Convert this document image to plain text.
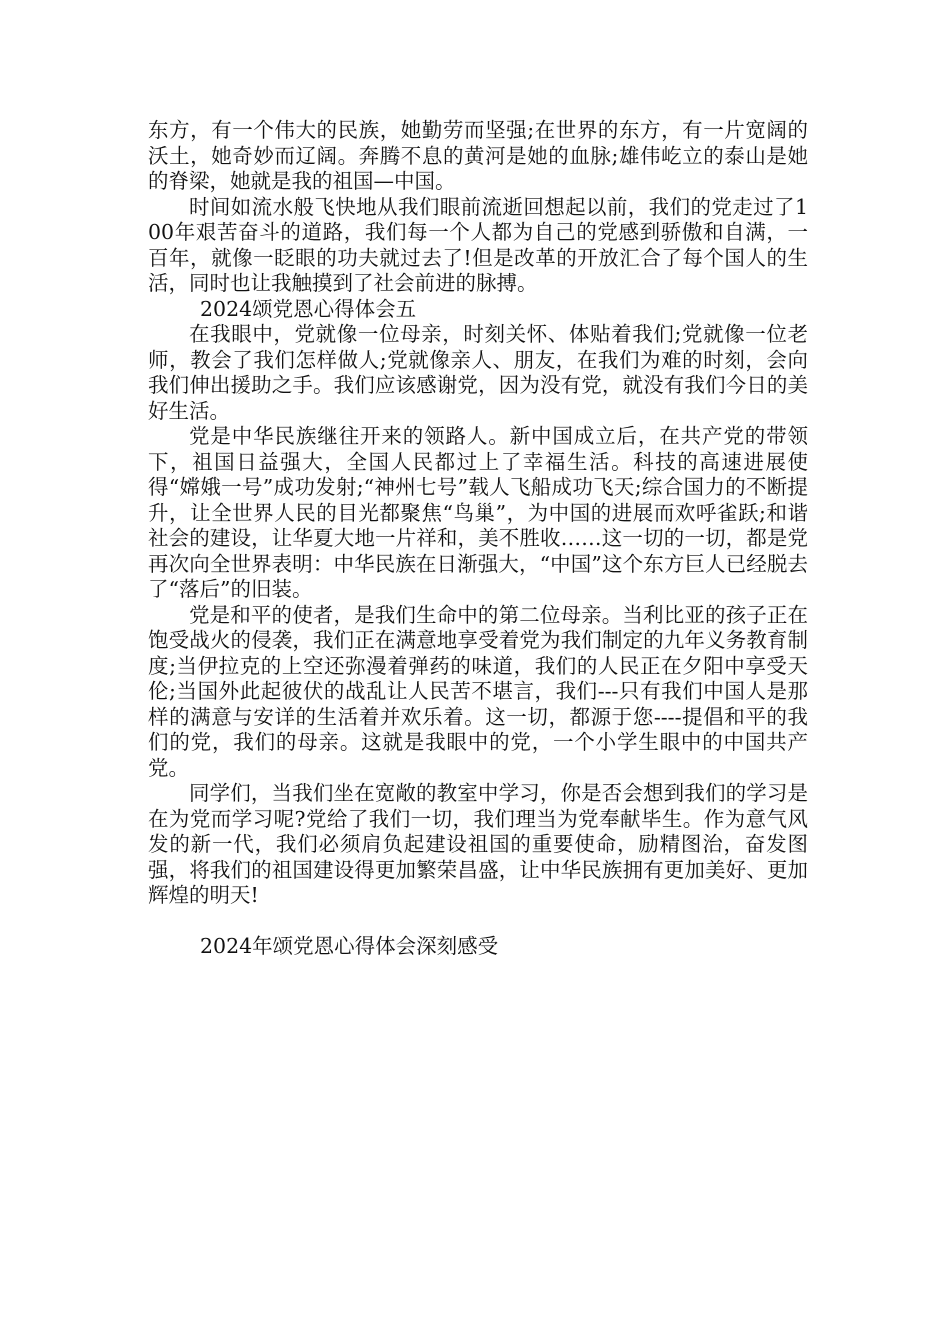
东方，有一个伟大的民族，她勤劳而坚强;在世界的东方，有一片宽阔的沃土，她奇妙而辽阔。奔腾不息的黄河是她的血脉;雄伟屹立的泰山是她的脊梁，她就是我的祖国—中国。

时间如流水般飞快地从我们眼前流逝回想起以前，我们的党走过了100年艰苦奋斗的道路，我们每一个人都为自己的党感到骄傲和自满，一百年，就像一眨眼的功夫就过去了!但是改革的开放汇合了每个国人的生活，同时也让我触摸到了社会前进的脉搏。

2024颂党恩心得体会五

在我眼中，党就像一位母亲，时刻关怀、体贴着我们;党就像一位老师，教会了我们怎样做人;党就像亲人、朋友，在我们为难的时刻，会向我们伸出援助之手。我们应该感谢党，因为没有党，就没有我们今日的美好生活。

党是中华民族继往开来的领路人。新中国成立后，在共产党的带领下，祖国日益强大，全国人民都过上了幸福生活。科技的高速进展使得“嫦娥一号”成功发射;“神州七号”载人飞船成功飞天;综合国力的不断提升，让全世界人民的目光都聚焦“鸟巢”，为中国的进展而欢呼雀跃;和谐社会的建设，让华夏大地一片祥和，美不胜收……这一切的一切，都是党再次向全世界表明：中华民族在日渐强大，“中国”这个东方巨人已经脱去了“落后”的旧装。

党是和平的使者，是我们生命中的第二位母亲。当利比亚的孩子正在饱受战火的侵袭，我们正在满意地享受着党为我们制定的九年义务教育制度;当伊拉克的上空还弥漫着弹药的味道，我们的人民正在夕阳中享受天伦;当国外此起彼伏的战乱让人民苦不堪言，我们---只有我们中国人是那样的满意与安详的生活着并欢乐着。这一切，都源于您----提倡和平的我们的党，我们的母亲。这就是我眼中的党，一个小学生眼中的中国共产党。

同学们，当我们坐在宽敞的教室中学习，你是否会想到我们的学习是在为党而学习呢?党给了我们一切，我们理当为党奉献毕生。作为意气风发的新一代，我们必须肩负起建设祖国的重要使命，励精图治，奋发图强，将我们的祖国建设得更加繁荣昌盛，让中华民族拥有更加美好、更加辉煌的明天!

2024年颂党恩心得体会深刻感受
